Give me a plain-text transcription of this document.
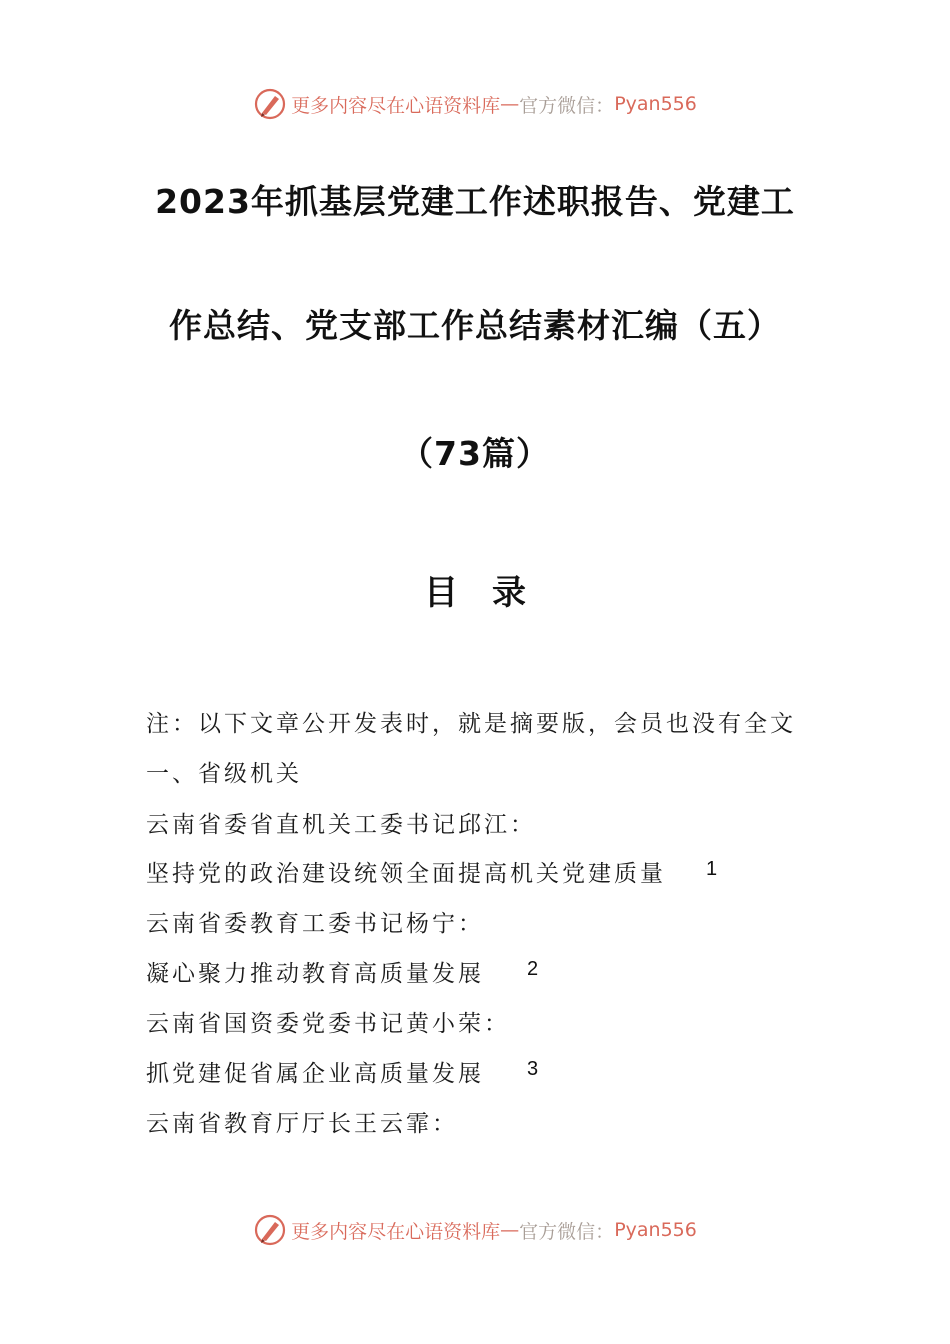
更多内容尽在心语资料库 — 官方微信： Pyan556
2023年抓基层党建工作述职报告、党建工
作总结、党支部工作总结素材汇编（五）
（73篇）
目录
注：以下文章公开发表时，就是摘要版，会员也没有全文
一、省级机关
云南省委省直机关工委书记邱江：
坚持党的政治建设统领全面提高机关党建质量 1
云南省委教育工委书记杨宁：
凝心聚力推动教育高质量发展 2
云南省国资委党委书记黄小荣：
抓党建促省属企业高质量发展 3
云南省教育厅厅长王云霏：
更多内容尽在心语资料库 — 官方微信： Pyan556
